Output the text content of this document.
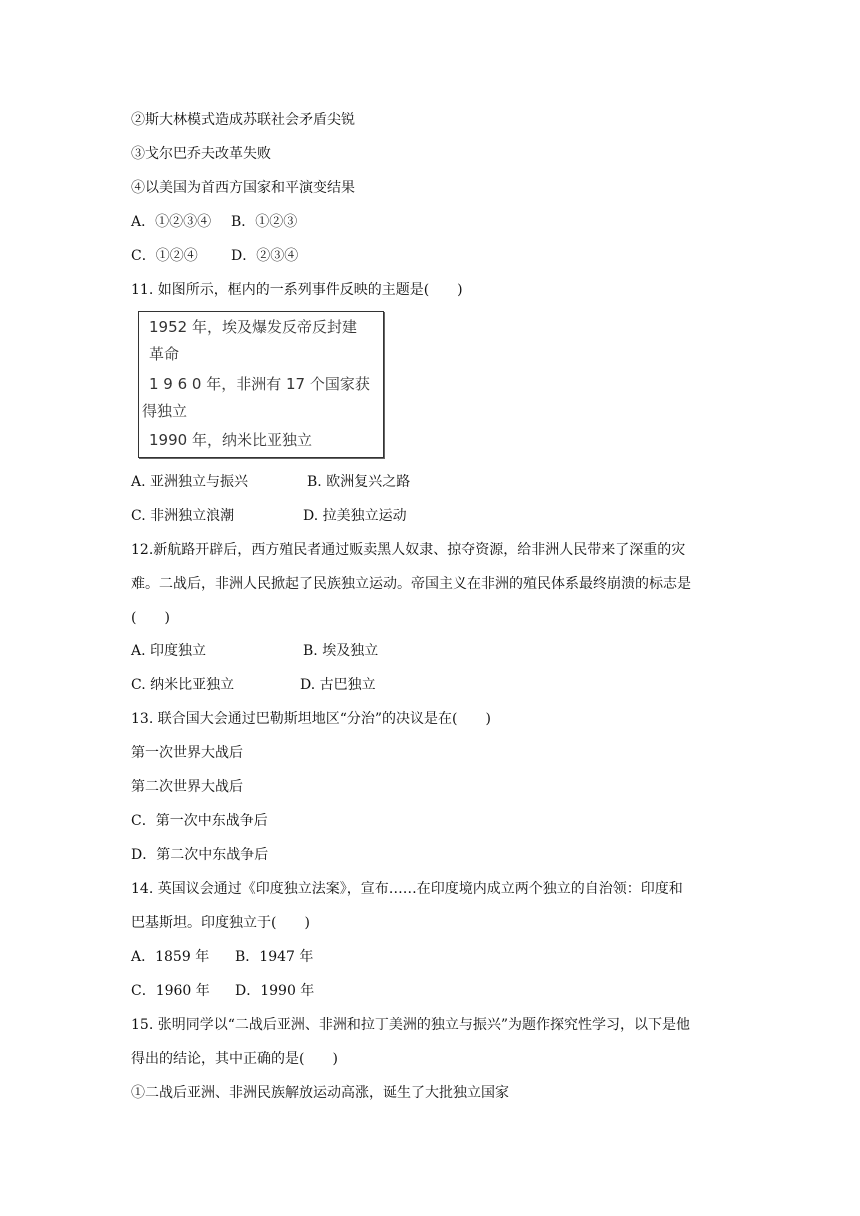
②斯大林模式造成苏联社会矛盾尖锐
③戈尔巴乔夫改革失败
④以美国为首西方国家和平演变结果
A．①②③④ B．①②③
C．①②④ D．②③④
11. 如图所示，框内的一系列事件反映的主题是(　　)
1952 年，埃及爆发反帝反封建
革命
1 9 6 0 年，非洲有 17 个国家获
得独立
1990 年，纳米比亚独立
A. 亚洲独立与振兴	B. 欧洲复兴之路
C. 非洲独立浪潮	D. 拉美独立运动
12.新航路开辟后，西方殖民者通过贩卖黑人奴隶、掠夺资源，给非洲人民带来了深重的灾
难。二战后，非洲人民掀起了民族独立运动。帝国主义在非洲的殖民体系最终崩溃的标志是
(　　)
A. 印度独立	B. 埃及独立
C. 纳米比亚独立	D. 古巴独立
13. 联合国大会通过巴勒斯坦地区“分治”的决议是在(　　)
第一次世界大战后
第二次世界大战后
C．第一次中东战争后
D．第二次中东战争后
14. 英国议会通过《印度独立法案》，宣布……在印度境内成立两个独立的自治领：印度和
巴基斯坦。印度独立于(　　)
A．1859 年 B．1947 年
C．1960 年 D．1990 年
15. 张明同学以“二战后亚洲、非洲和拉丁美洲的独立与振兴”为题作探究性学习，以下是他
得出的结论，其中正确的是(　　)
①二战后亚洲、非洲民族解放运动高涨，诞生了大批独立国家
